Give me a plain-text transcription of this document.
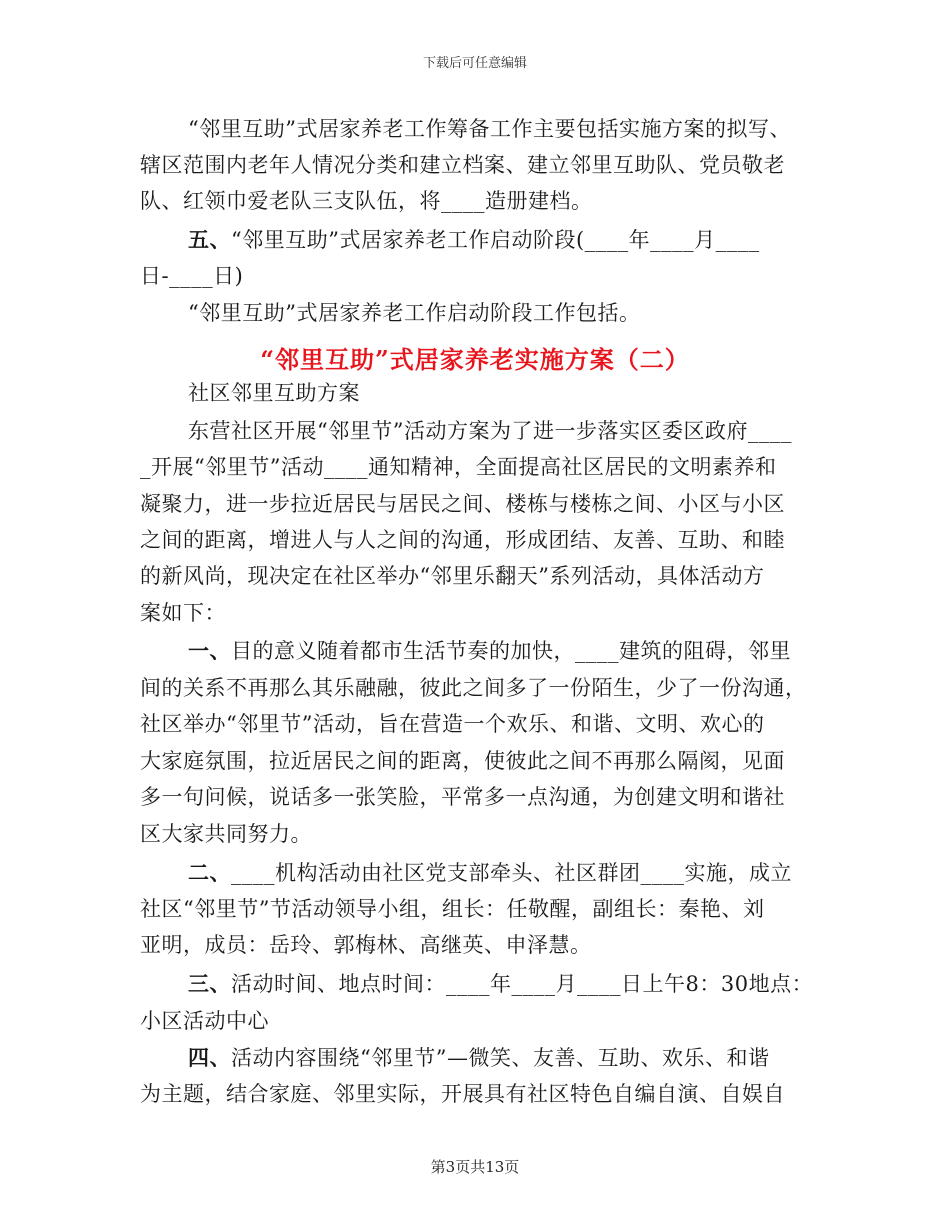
下载后可任意编辑
“邻里互助”式居家养老工作筹备工作主要包括实施方案的拟写、
辖区范围内老年人情况分类和建立档案、建立邻里互助队、党员敬老
队、红领巾爱老队三支队伍，将____造册建档。
五、“邻里互助”式居家养老工作启动阶段(____年____月____
日-____日)
“邻里互助”式居家养老工作启动阶段工作包括。
“邻里互助”式居家养老实施方案（二）
社区邻里互助方案
东营社区开展“邻里节”活动方案为了进一步落实区委区政府____
_开展“邻里节”活动____通知精神，全面提高社区居民的文明素养和
凝聚力，进一步拉近居民与居民之间、楼栋与楼栋之间、小区与小区
之间的距离，增进人与人之间的沟通，形成团结、友善、互助、和睦
的新风尚，现决定在社区举办“邻里乐翻天”系列活动，具体活动方
案如下：
一、目的意义随着都市生活节奏的加快，____建筑的阻碍，邻里
间的关系不再那么其乐融融，彼此之间多了一份陌生，少了一份沟通，
社区举办“邻里节”活动，旨在营造一个欢乐、和谐、文明、欢心的
大家庭氛围，拉近居民之间的距离，使彼此之间不再那么隔阂，见面
多一句问候，说话多一张笑脸，平常多一点沟通，为创建文明和谐社
区大家共同努力。
二、____机构活动由社区党支部牵头、社区群团____实施，成立
社区“邻里节”节活动领导小组，组长：任敬醒，副组长：秦艳、刘
亚明，成员：岳玲、郭梅林、高继英、申泽慧。
三、活动时间、地点时间：____年____月____日上午8：30地点：
小区活动中心
四、活动内容围绕“邻里节”—微笑、友善、互助、欢乐、和谐
为主题，结合家庭、邻里实际，开展具有社区特色自编自演、自娱自
第3页共13页
